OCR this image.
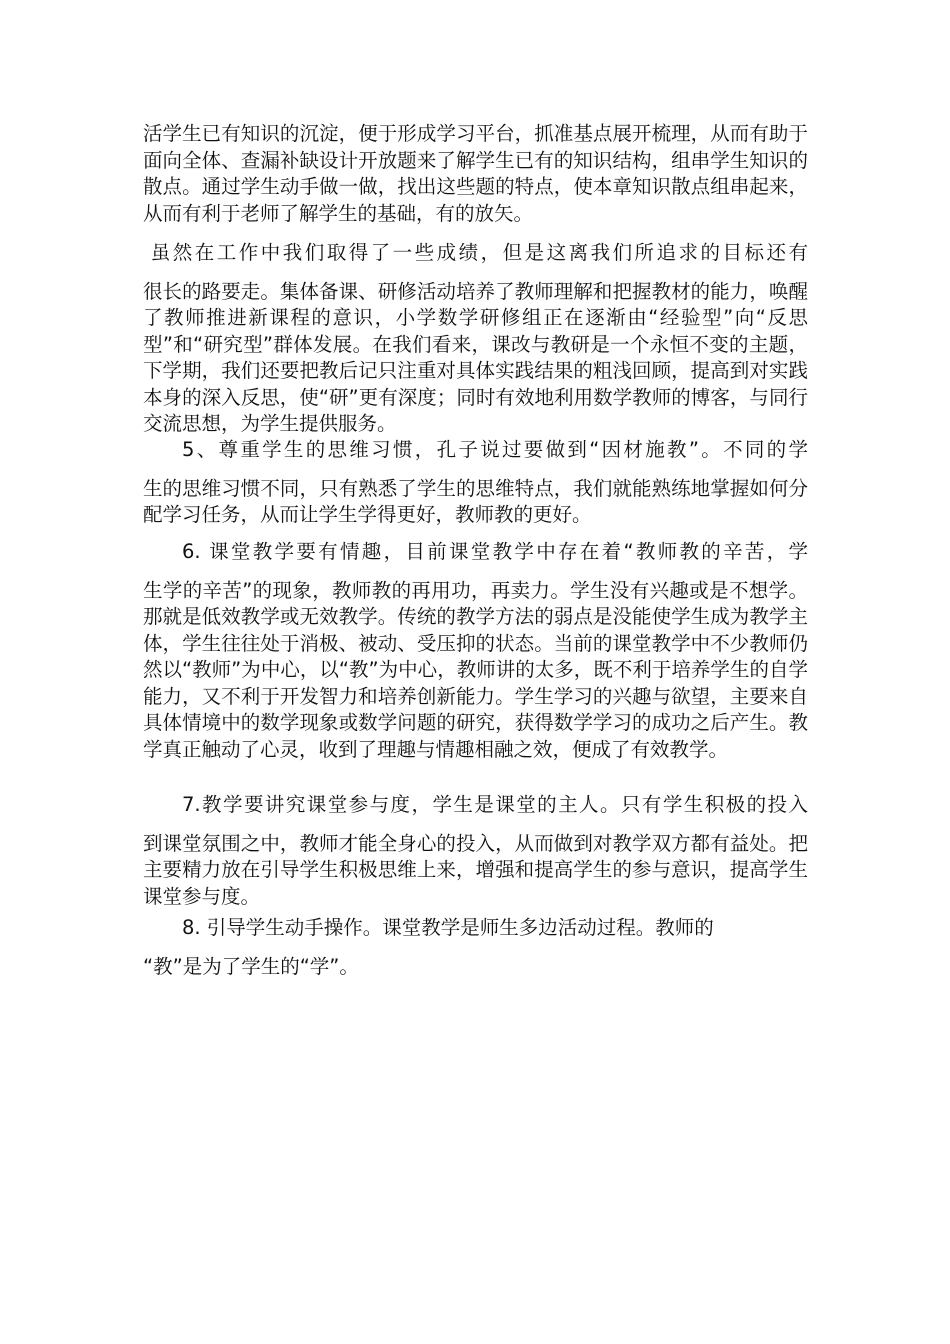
活学生已有知识的沉淀，便于形成学习平台，抓准基点展开梳理，从而有助于面向全体、查漏补缺设计开放题来了解学生已有的知识结构，组串学生知识的散点。通过学生动手做一做，找出这些题的特点，使本章知识散点组串起来，从而有利于老师了解学生的基础，有的放矢。
虽然在工作中我们取得了一些成绩，但是这离我们所追求的目标还有
很长的路要走。集体备课、研修活动培养了教师理解和把握教材的能力，唤醒了教师推进新课程的意识，小学数学研修组正在逐渐由“经验型”向“反思型”和“研究型”群体发展。在我们看来，课改与教研是一个永恒不变的主题，下学期，我们还要把教后记只注重对具体实践结果的粗浅回顾，提高到对实践本身的深入反思，使“研”更有深度；同时有效地利用数学教师的博客，与同行交流思想，为学生提供服务。
5、尊重学生的思维习惯，孔子说过要做到“因材施教”。不同的学
生的思维习惯不同，只有熟悉了学生的思维特点，我们就能熟练地掌握如何分配学习任务，从而让学生学得更好，教师教的更好。
6. 课堂教学要有情趣，目前课堂教学中存在着“教师教的辛苦，学
生学的辛苦”的现象，教师教的再用功，再卖力。学生没有兴趣或是不想学。那就是低效教学或无效教学。传统的教学方法的弱点是没能使学生成为教学主体，学生往往处于消极、被动、受压抑的状态。当前的课堂教学中不少教师仍然以“教师”为中心，以“教”为中心，教师讲的太多，既不利于培养学生的自学能力，又不利于开发智力和培养创新能力。学生学习的兴趣与欲望，主要来自具体情境中的数学现象或数学问题的研究，获得数学学习的成功之后产生。教学真正触动了心灵，收到了理趣与情趣相融之效，便成了有效教学。
7.教学要讲究课堂参与度，学生是课堂的主人。只有学生积极的投入
到课堂氛围之中，教师才能全身心的投入，从而做到对教学双方都有益处。把主要精力放在引导学生积极思维上来，增强和提高学生的参与意识，提高学生课堂参与度。
8. 引导学生动手操作。课堂教学是师生多边活动过程。教师的
“教”是为了学生的“学”。
